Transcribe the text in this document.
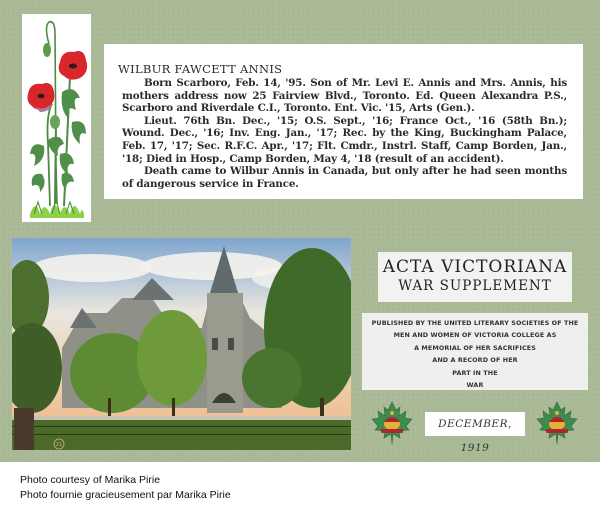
WILBUR FAWCETT ANNIS

Born Scarboro, Feb. 14, '95. Son of Mr. Levi E. Annis and Mrs. Annis, his mothers address now 25 Fairview Blvd., Toronto. Ed. Queen Alexandra P.S., Scarboro and Riverdale C.I., Toronto. Ent. Vic. '15, Arts (Gen.).

Lieut. 76th Bn. Dec., '15; O.S. Sept., '16; France Oct., '16 (58th Bn.); Wound. Dec., '16; Inv. Eng. Jan., '17; Rec. by the King, Buckingham Palace, Feb. 17, '17; Sec. R.F.C. Apr., '17; Flt. Cmdr., Instrl. Staff, Camp Borden, Jan., '18; Died in Hosp., Camp Borden, May 4, '18 (result of an accident).

Death came to Wilbur Annis in Canada, but only after he had seen months of dangerous service in France.

21
ACTA VICTORIANA
WAR SUPPLEMENT
PUBLISHED BY THE UNITED LITERARY SOCIETIES OF THE
MEN AND WOMEN OF VICTORIA COLLEGE AS
A MEMORIAL OF HER SACRIFICES
AND A RECORD OF HER
PART IN THE
WAR
DECEMBER, 1919
Photo courtesy of Marika Pirie
Photo fournie gracieusement par Marika Pirie
